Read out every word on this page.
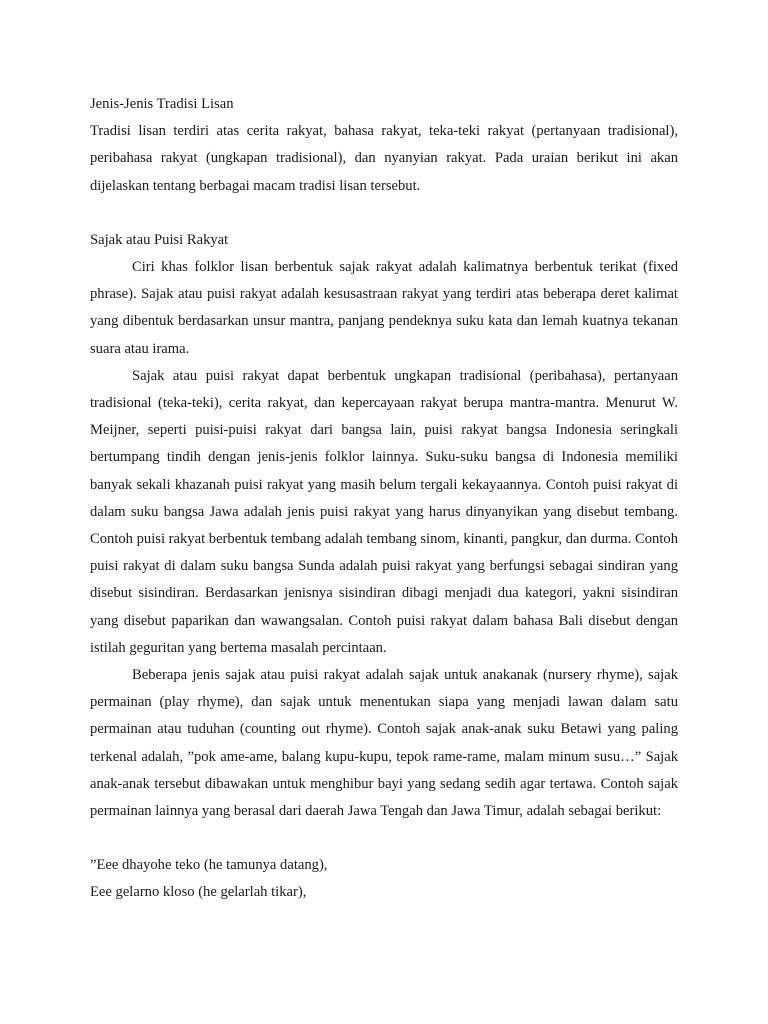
Jenis-Jenis Tradisi Lisan

Tradisi lisan terdiri atas cerita rakyat, bahasa rakyat, teka-teki rakyat (pertanyaan tradisional), peribahasa rakyat (ungkapan tradisional), dan nyanyian rakyat. Pada uraian berikut ini akan dijelaskan tentang berbagai macam tradisi lisan tersebut.

Sajak atau Puisi Rakyat

Ciri khas folklor lisan berbentuk sajak rakyat adalah kalimatnya berbentuk terikat (fixed phrase). Sajak atau puisi rakyat adalah kesusastraan rakyat yang terdiri atas beberapa deret kalimat yang dibentuk berdasarkan unsur mantra, panjang pendeknya suku kata dan lemah kuatnya tekanan suara atau irama.

Sajak atau puisi rakyat dapat berbentuk ungkapan tradisional (peribahasa), pertanyaan tradisional (teka-teki), cerita rakyat, dan kepercayaan rakyat berupa mantra-mantra. Menurut W. Meijner, seperti puisi-puisi rakyat dari bangsa lain, puisi rakyat bangsa Indonesia seringkali bertumpang tindih dengan jenis-jenis folklor lainnya. Suku-suku bangsa di Indonesia memiliki banyak sekali khazanah puisi rakyat yang masih belum tergali kekayaannya. Contoh puisi rakyat di dalam suku bangsa Jawa adalah jenis puisi rakyat yang harus dinyanyikan yang disebut tembang. Contoh puisi rakyat berbentuk tembang adalah tembang sinom, kinanti, pangkur, dan durma. Contoh puisi rakyat di dalam suku bangsa Sunda adalah puisi rakyat yang berfungsi sebagai sindiran yang disebut sisindiran. Berdasarkan jenisnya sisindiran dibagi menjadi dua kategori, yakni sisindiran yang disebut paparikan dan wawangsalan. Contoh puisi rakyat dalam bahasa Bali disebut dengan istilah geguritan yang bertema masalah percintaan.

Beberapa jenis sajak atau puisi rakyat adalah sajak untuk anakanak (nursery rhyme), sajak permainan (play rhyme), dan sajak untuk menentukan siapa yang menjadi lawan dalam satu permainan atau tuduhan (counting out rhyme). Contoh sajak anak-anak suku Betawi yang paling terkenal adalah, ”pok ame-ame, balang kupu-kupu, tepok rame-rame, malam minum susu…” Sajak anak-anak tersebut dibawakan untuk menghibur bayi yang sedang sedih agar tertawa. Contoh sajak permainan lainnya yang berasal dari daerah Jawa Tengah dan Jawa Timur, adalah sebagai berikut:

”Eee dhayohe teko (he tamunya datang),

Eee gelarno kloso (he gelarlah tikar),
